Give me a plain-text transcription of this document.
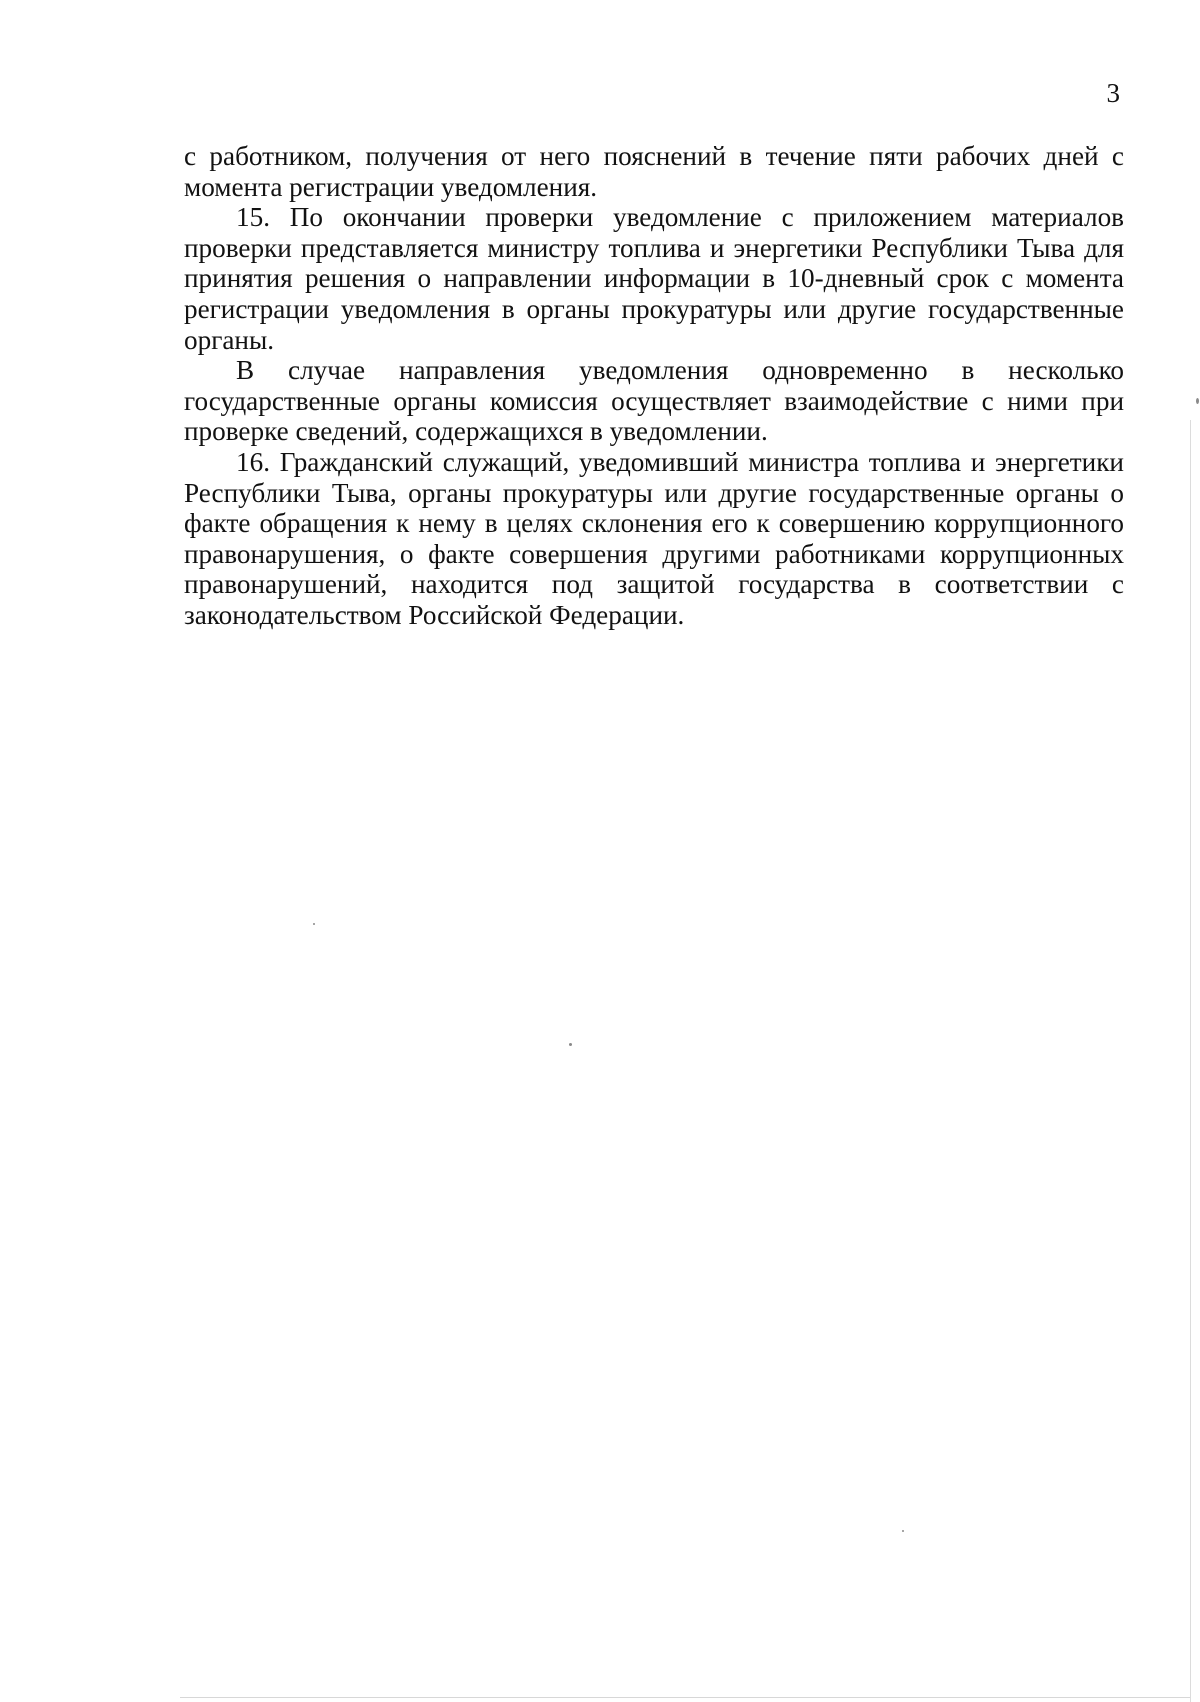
3

с работником, получения от него пояснений в течение пяти рабочих дней с момента регистрации уведомления.

15. По окончании проверки уведомление с приложением материалов проверки представляется министру топлива и энергетики Республики Тыва для принятия решения о направлении информации в 10-дневный срок с момента регистрации уведомления в органы прокуратуры или другие государственные органы.

В случае направления уведомления одновременно в несколько государственные органы комиссия осуществляет взаимодействие с ними при проверке сведений, содержащихся в уведомлении.

16. Гражданский служащий, уведомивший министра топлива и энергетики Республики Тыва, органы прокуратуры или другие государственные органы о факте обращения к нему в целях склонения его к совершению коррупционного правонарушения, о факте совершения другими работниками коррупционных правонарушений, находится под защитой государства в соответствии с законодательством Российской Федерации.
